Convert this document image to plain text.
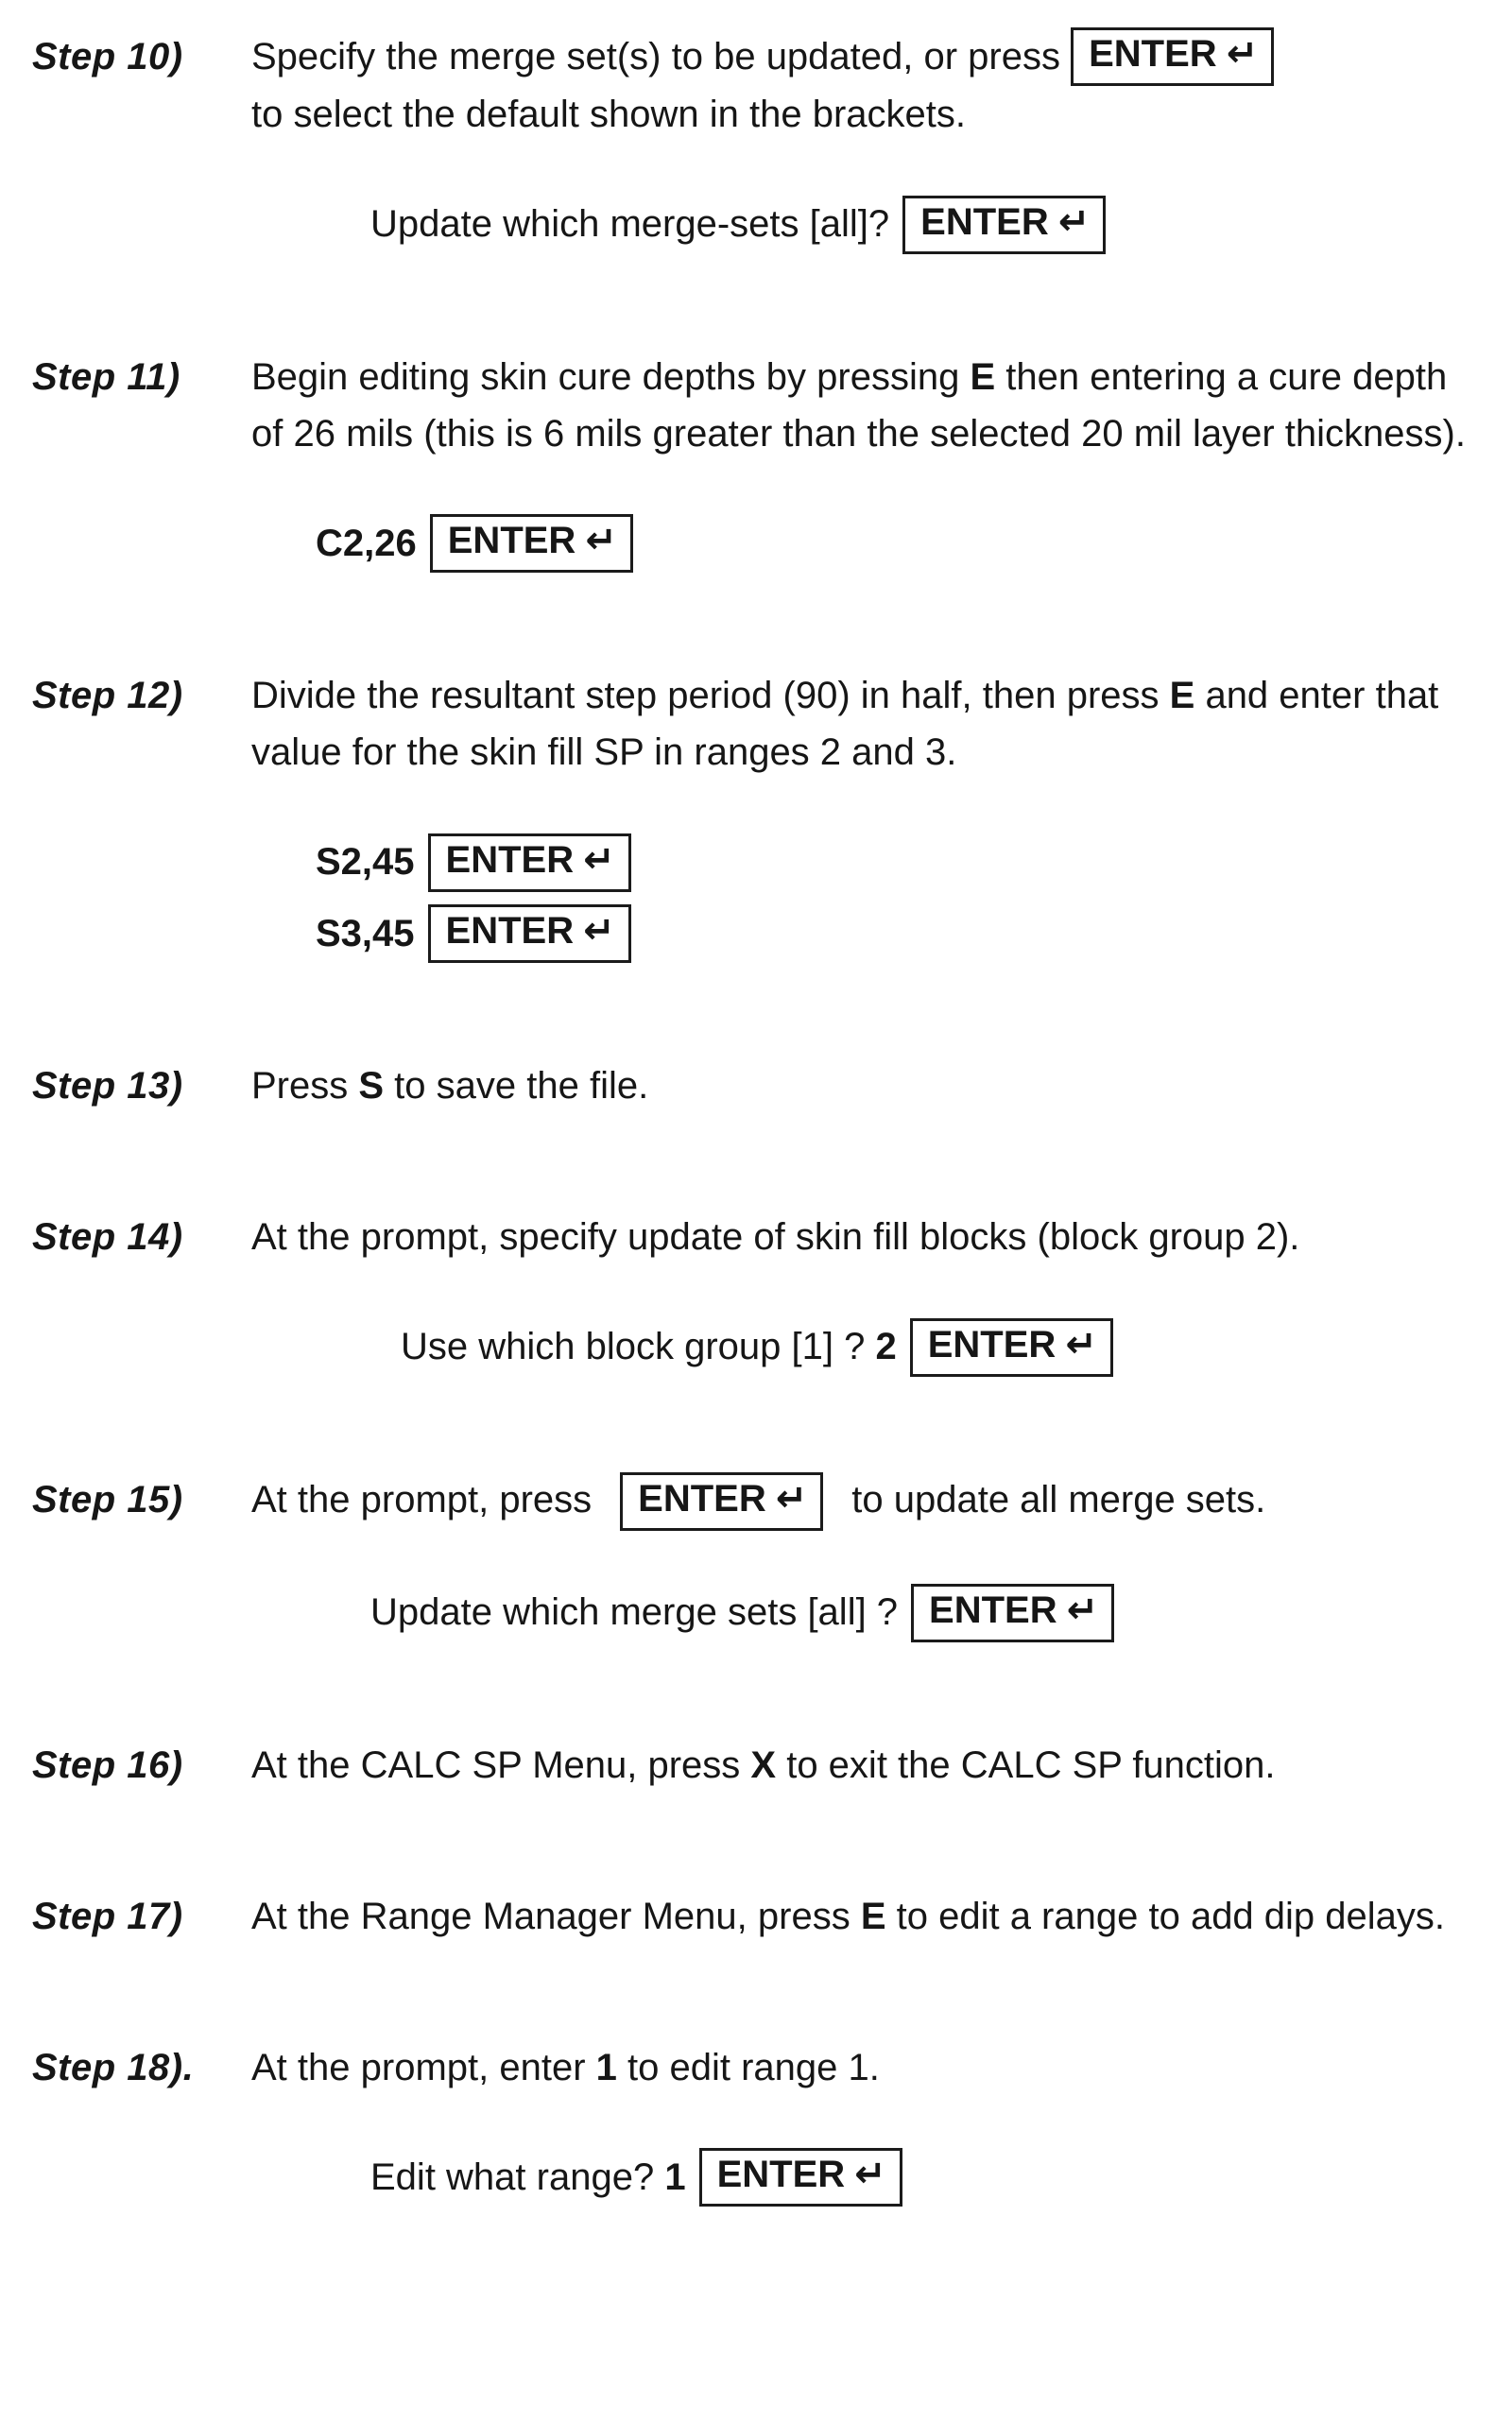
Step 10)	Specify the merge set(s) to be updated, or press ENTER ↵
to select the default shown in the brackets.
Update which merge-sets [all]? ENTER ↵
Step 11)	Begin editing skin cure depths by pressing E then entering a cure depth of 26 mils (this is 6 mils greater than the selected 20 mil layer thickness).
C2,26 ENTER ↵
Step 12)	Divide the resultant step period (90) in half, then press E and enter that value for the skin fill SP in ranges 2 and 3.
S2,45 ENTER ↵
S3,45 ENTER ↵
Step 13)	Press S to save the file.
Step 14)	At the prompt, specify update of skin fill blocks (block group 2).
Use which block group [1] ? 2 ENTER ↵
Step 15)	At the prompt, press ENTER ↵ to update all merge sets.
Update which merge sets [all] ? ENTER ↵
Step 16)	At the CALC SP Menu, press X to exit the CALC SP function.
Step 17)	At the Range Manager Menu, press E to edit a range to add dip delays.
Step 18).	At the prompt, enter 1 to edit range 1.
Edit what range? 1 ENTER ↵
